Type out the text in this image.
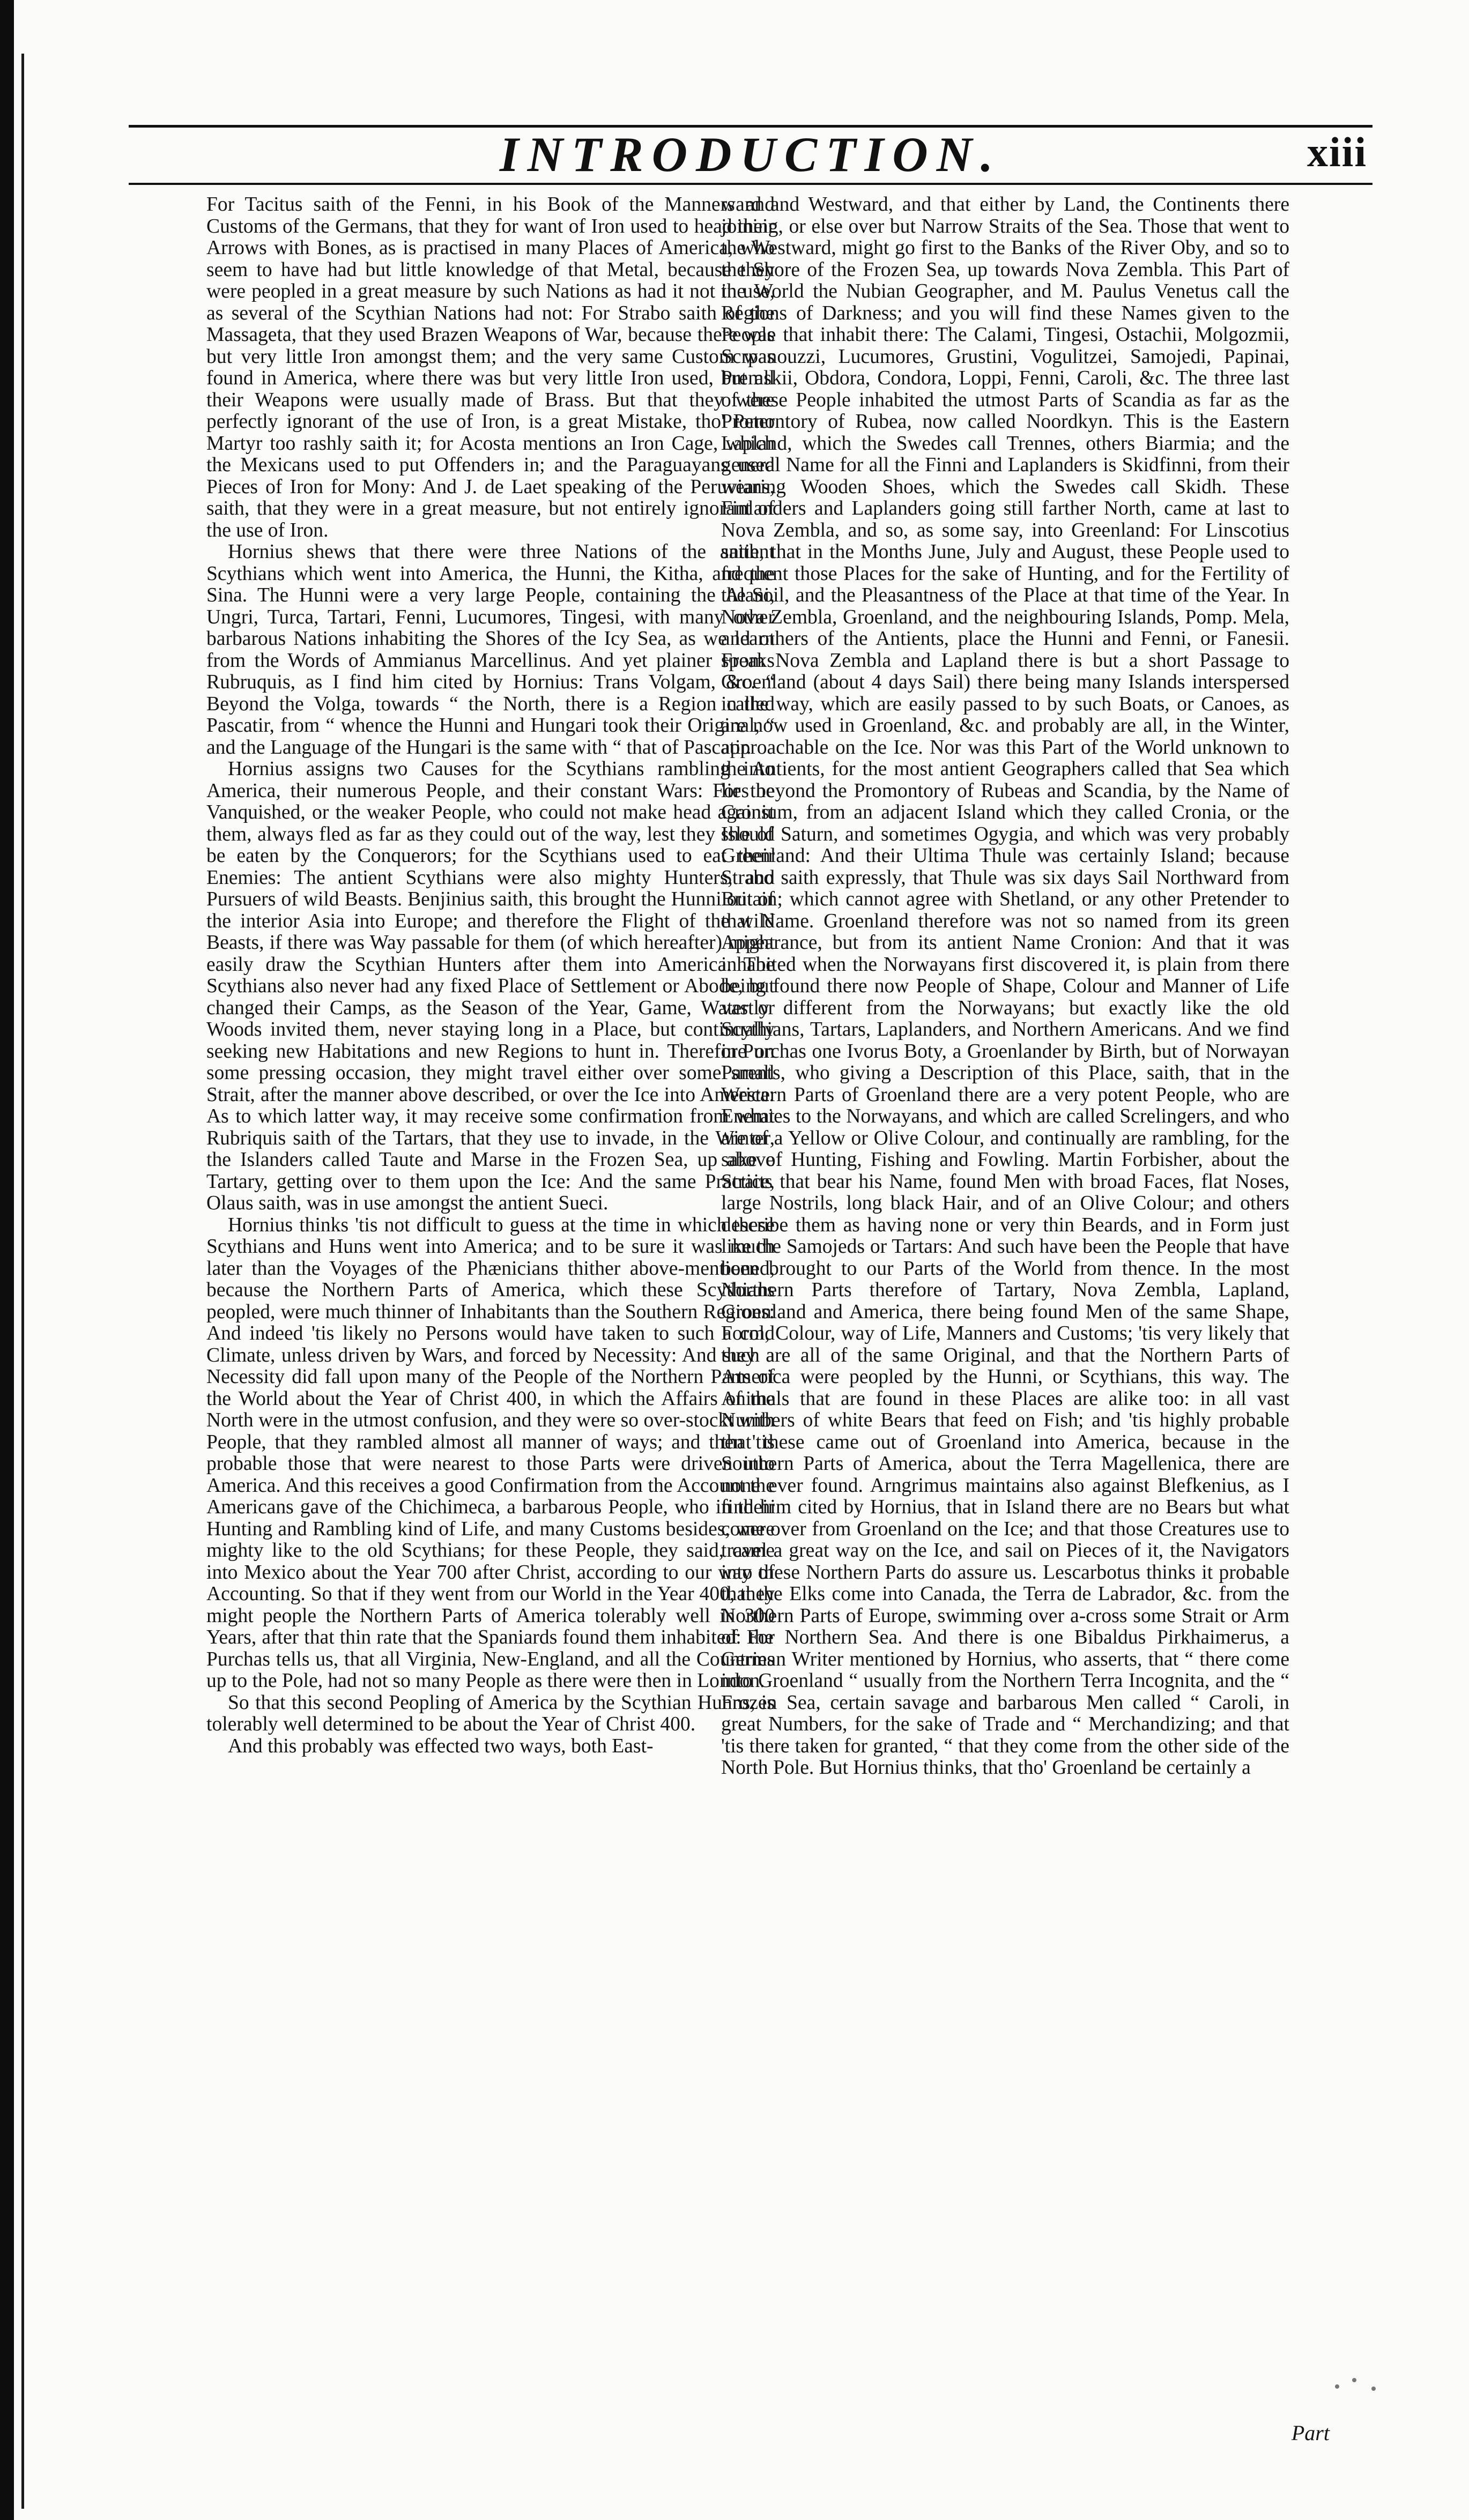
INTRODUCTION.	xiii

For Tacitus saith of the Fenni, in his Book of the Manners and Customs of the Germans, that they for want of Iron used to head their Arrows with Bones, as is practised in many Places of America, who seem to have had but little knowledge of that Metal, because they were peopled in a great measure by such Nations as had it not in use, as several of the Scythian Nations had not: For Strabo saith of the Massageta, that they used Brazen Weapons of War, because there was but very little Iron amongst them; and the very same Custom was found in America, where there was but very little Iron used, but all their Weapons were usually made of Brass. But that they were perfectly ignorant of the use of Iron, is a great Mistake, tho' Peter Martyr too rashly saith it; for Acosta mentions an Iron Cage, which the Mexicans used to put Offenders in; and the Paraguayans used Pieces of Iron for Mony: And J. de Laet speaking of the Peruvians, saith, that they were in a great measure, but not entirely ignorant of the use of Iron.

Hornius shews that there were three Nations of the antient Scythians which went into America, the Hunni, the Kitha, and the Sina. The Hunni were a very large People, containing the Alani, Ungri, Turca, Tartari, Fenni, Lucumores, Tingesi, with many other barbarous Nations inhabiting the Shores of the Icy Sea, as we learn from the Words of Ammianus Marcellinus. And yet plainer speaks Rubruquis, as I find him cited by Hornius: Trans Volgam, &c. “ Beyond the Volga, towards “ the North, there is a Region called Pascatir, from “ whence the Hunni and Hungari took their Original, “ and the Language of the Hungari is the same with “ that of Pascatir.

Hornius assigns two Causes for the Scythians rambling into America, their numerous People, and their constant Wars: For the Vanquished, or the weaker People, who could not make head against them, always fled as far as they could out of the way, lest they should be eaten by the Conquerors; for the Scythians used to eat their Enemies: The antient Scythians were also mighty Hunters, and Pursuers of wild Beasts. Benjinius saith, this brought the Hunni out of the interior Asia into Europe; and therefore the Flight of the wild Beasts, if there was Way passable for them (of which hereafter) might easily draw the Scythian Hunters after them into America. The Scythians also never had any fixed Place of Settlement or Abode, but changed their Camps, as the Season of the Year, Game, Water or Woods invited them, never staying long in a Place, but continually seeking new Habitations and new Regions to hunt in. Therefore on some pressing occasion, they might travel either over some small Strait, after the manner above described, or over the Ice into America: As to which latter way, it may receive some confirmation from what Rubriquis saith of the Tartars, that they use to invade, in the Winter, the Islanders called Taute and Marse in the Frozen Sea, up above Tartary, getting over to them upon the Ice: And the same Practice, Olaus saith, was in use amongst the antient Sueci.

Hornius thinks 'tis not difficult to guess at the time in which these Scythians and Huns went into America; and to be sure it was much later than the Voyages of the Phænicians thither above-mentioned, because the Northern Parts of America, which these Scythians peopled, were much thinner of Inhabitants than the Southern Regions: And indeed 'tis likely no Persons would have taken to such a cold Climate, unless driven by Wars, and forced by Necessity: And such a Necessity did fall upon many of the People of the Northern Parts of the World about the Year of Christ 400, in which the Affairs of the North were in the utmost confusion, and they were so over-stockt with People, that they rambled almost all manner of ways; and then 'tis probable those that were nearest to those Parts were driven into America. And this receives a good Confirmation from the Account the Americans gave of the Chichimeca, a barbarous People, who in their Hunting and Rambling kind of Life, and many Customs besides, were mighty like to the old Scythians; for these People, they said, came into Mexico about the Year 700 after Christ, according to our way of Accounting. So that if they went from our World in the Year 400, they might people the Northern Parts of America tolerably well in 300 Years, after that thin rate that the Spaniards found them inhabited: For Purchas tells us, that all Virginia, New-England, and all the Countries up to the Pole, had not so many People as there were then in London.

So that this second Peopling of America by the Scythian Hunns, is tolerably well determined to be about the Year of Christ 400.

And this probably was effected two ways, both East-

ward and Westward, and that either by Land, the Continents there joining, or else over but Narrow Straits of the Sea. Those that went to the Westward, might go first to the Banks of the River Oby, and so to the Shore of the Frozen Sea, up towards Nova Zembla. This Part of the World the Nubian Geographer, and M. Paulus Venetus call the Regions of Darkness; and you will find these Names given to the People that inhabit there: The Calami, Tingesi, Ostachii, Molgozmii, Scrpanouzzi, Lucumores, Grustini, Vogulitzei, Samojedi, Papinai, Premskii, Obdora, Condora, Loppi, Fenni, Caroli, &c. The three last of these People inhabited the utmost Parts of Scandia as far as the Promontory of Rubea, now called Noordkyn. This is the Eastern Lapland, which the Swedes call Trennes, others Biarmia; and the general Name for all the Finni and Laplanders is Skidfinni, from their wearing Wooden Shoes, which the Swedes call Skidh. These Finlanders and Laplanders going still farther North, came at last to Nova Zembla, and so, as some say, into Greenland: For Linscotius saith, that in the Months June, July and August, these People used to frequent those Places for the sake of Hunting, and for the Fertility of the Soil, and the Pleasantness of the Place at that time of the Year. In Nova Zembla, Groenland, and the neighbouring Islands, Pomp. Mela, and others of the Antients, place the Hunni and Fenni, or Fanesii. From Nova Zembla and Lapland there is but a short Passage to Groenland (about 4 days Sail) there being many Islands interspersed in the way, which are easily passed to by such Boats, or Canoes, as are now used in Groenland, &c. and probably are all, in the Winter, approachable on the Ice. Nor was this Part of the World unknown to the Antients, for the most antient Geographers called that Sea which lies beyond the Promontory of Rubeas and Scandia, by the Name of Cronium, from an adjacent Island which they called Cronia, or the Isle of Saturn, and sometimes Ogygia, and which was very probably Greenland: And their Ultima Thule was certainly Island; because Strabo saith expressly, that Thule was six days Sail Northward from Britain; which cannot agree with Shetland, or any other Pretender to that Name. Groenland therefore was not so named from its green Appearance, but from its antient Name Cronion: And that it was inhabited when the Norwayans first discovered it, is plain from there being found there now People of Shape, Colour and Manner of Life vastly different from the Norwayans; but exactly like the old Scythians, Tartars, Laplanders, and Northern Americans. And we find in Purchas one Ivorus Boty, a Groenlander by Birth, but of Norwayan Parents, who giving a Description of this Place, saith, that in the Western Parts of Groenland there are a very potent People, who are Enemies to the Norwayans, and which are called Screlingers, and who are of a Yellow or Olive Colour, and continually are rambling, for the sake of Hunting, Fishing and Fowling. Martin Forbisher, about the Straits that bear his Name, found Men with broad Faces, flat Noses, large Nostrils, long black Hair, and of an Olive Colour; and others describe them as having none or very thin Beards, and in Form just like the Samojeds or Tartars: And such have been the People that have been brought to our Parts of the World from thence. In the most Northern Parts therefore of Tartary, Nova Zembla, Lapland, Groenland and America, there being found Men of the same Shape, Form, Colour, way of Life, Manners and Customs; 'tis very likely that they are all of the same Original, and that the Northern Parts of America were peopled by the Hunni, or Scythians, this way. The Animals that are found in these Places are alike too: in all vast Numbers of white Bears that feed on Fish; and 'tis highly probable that these came out of Groenland into America, because in the Southern Parts of America, about the Terra Magellenica, there are none ever found. Arngrimus maintains also against Blefkenius, as I find him cited by Hornius, that in Island there are no Bears but what come over from Groenland on the Ice; and that those Creatures use to travel a great way on the Ice, and sail on Pieces of it, the Navigators into these Northern Parts do assure us. Lescarbotus thinks it probable that the Elks come into Canada, the Terra de Labrador, &c. from the Northern Parts of Europe, swimming over a-cross some Strait or Arm of the Northern Sea. And there is one Bibaldus Pirkhaimerus, a German Writer mentioned by Hornius, who asserts, that “ there come into Groenland “ usually from the Northern Terra Incognita, and the “ Frozen Sea, certain savage and barbarous Men called “ Caroli, in great Numbers, for the sake of Trade and “ Merchandizing; and that 'tis there taken for granted, “ that they come from the other side of the North Pole. But Hornius thinks, that tho' Groenland be certainly a

Part
